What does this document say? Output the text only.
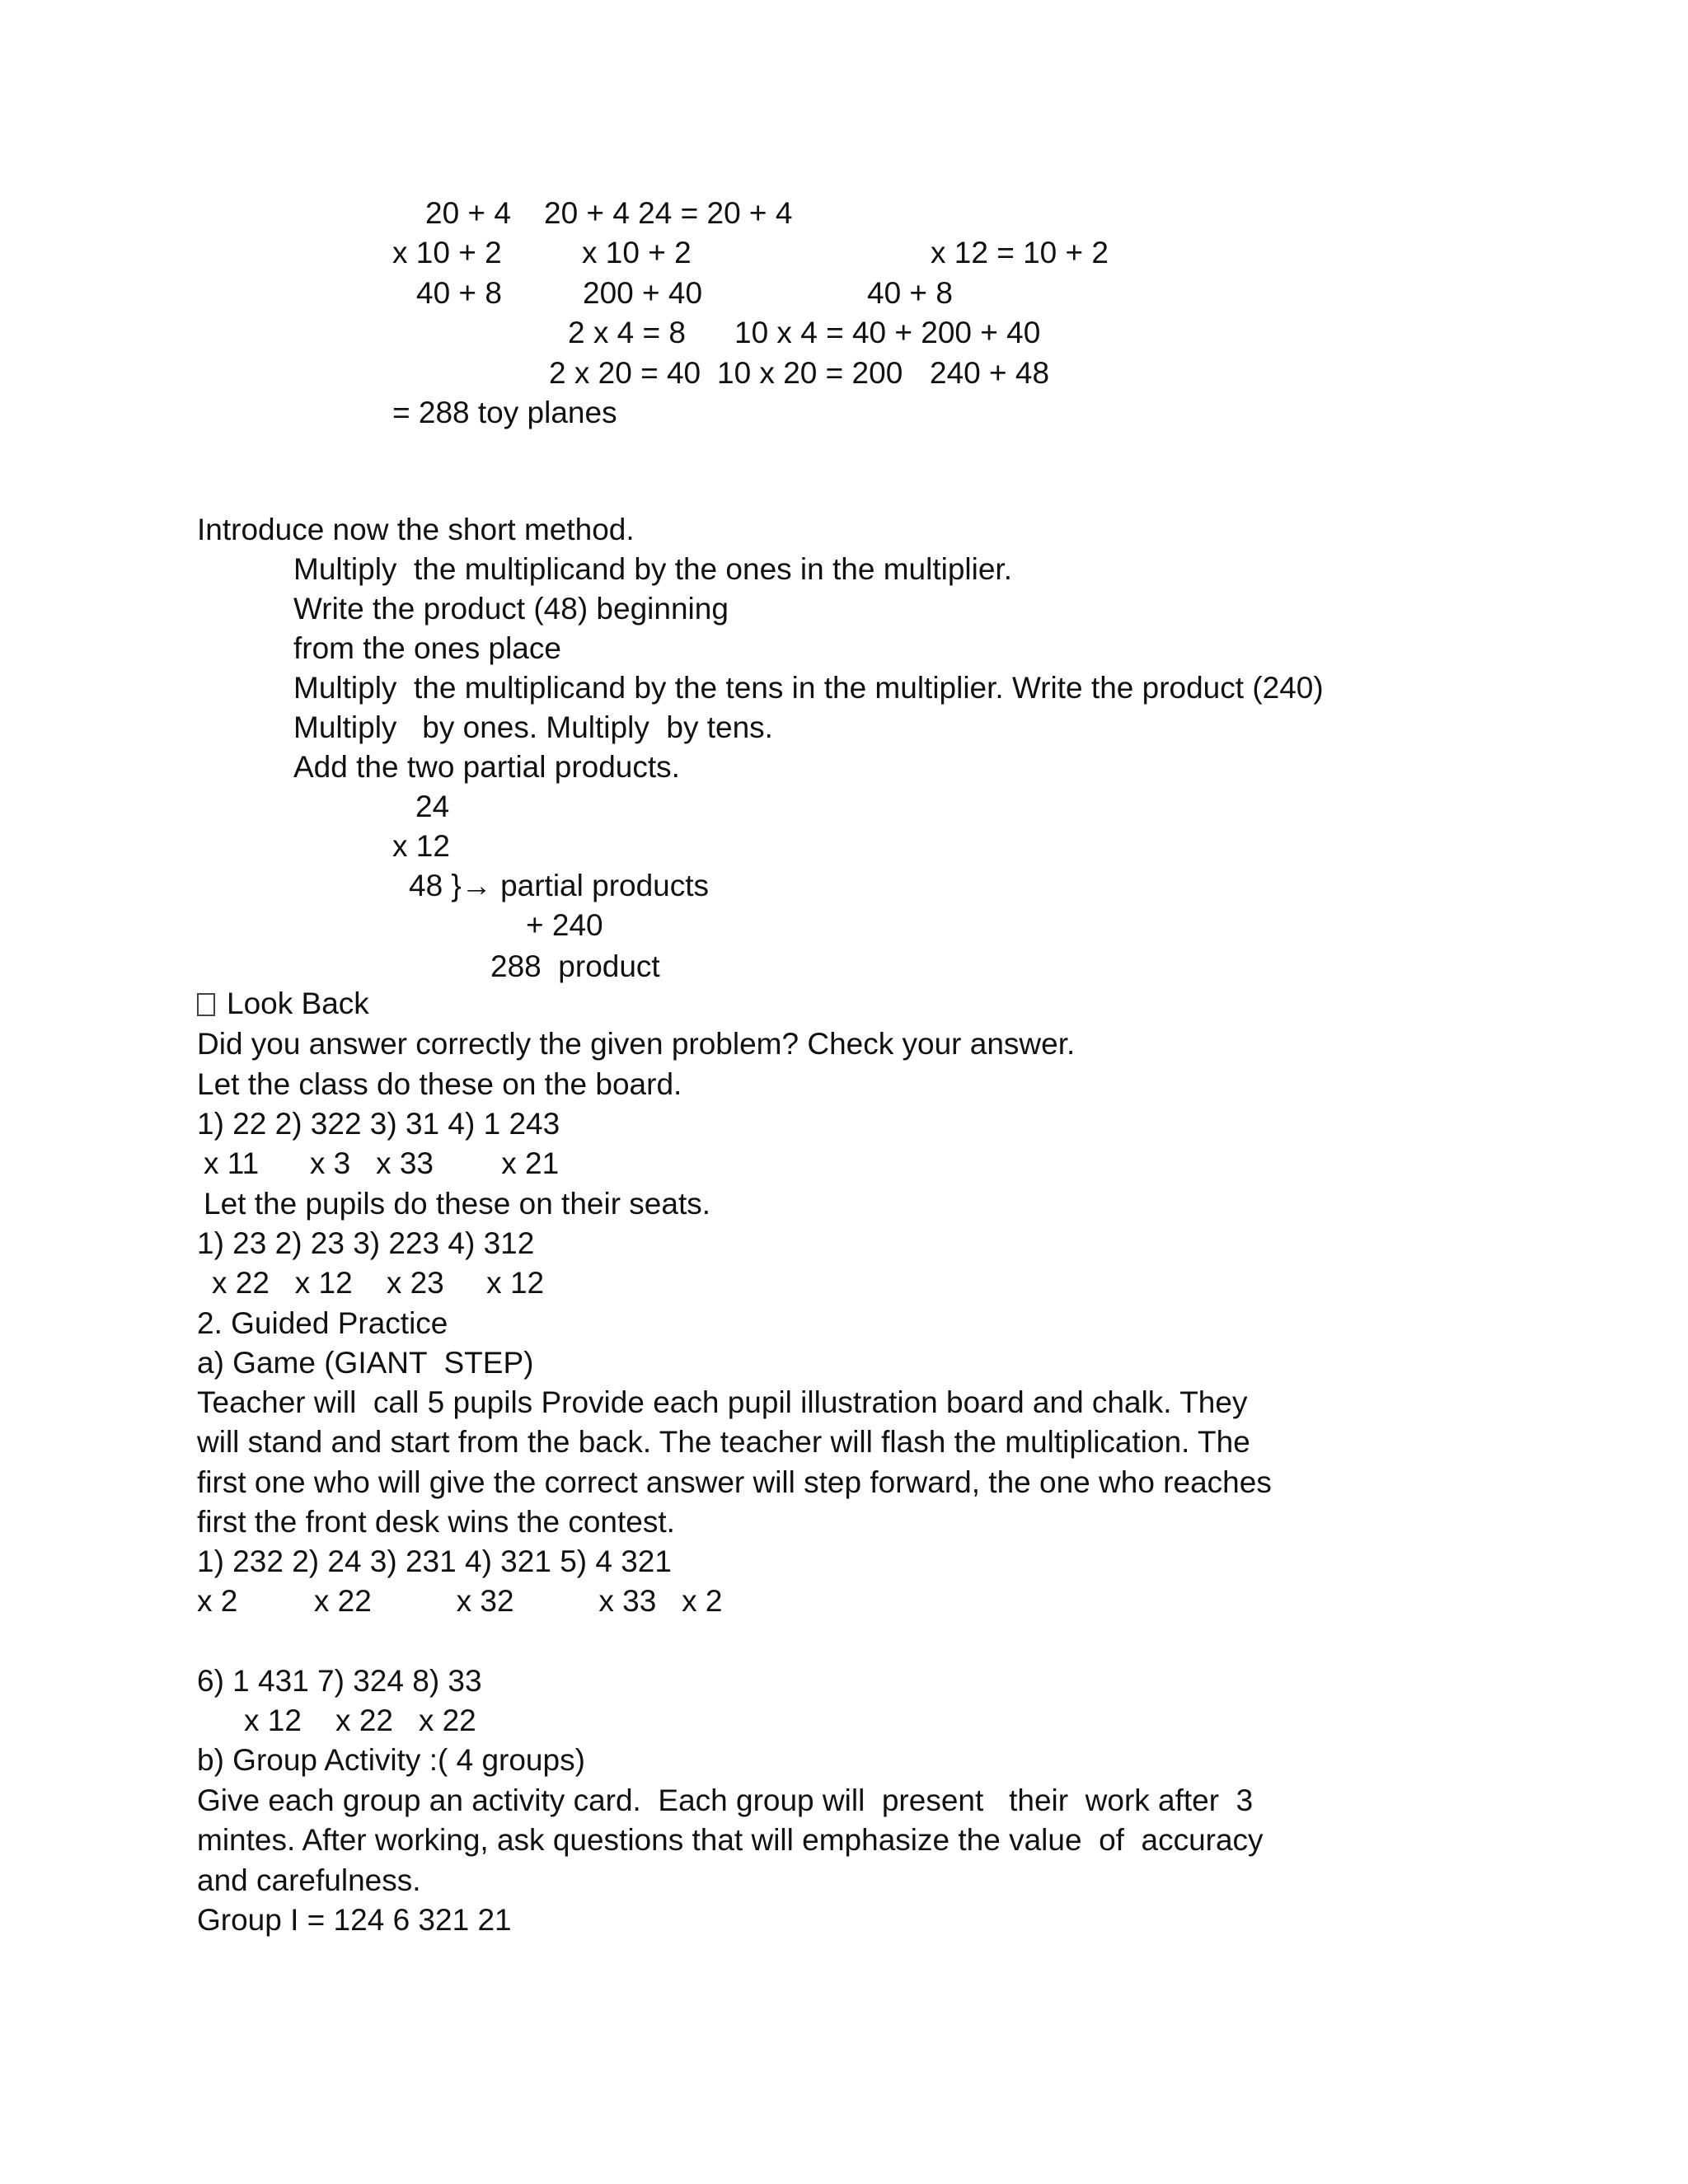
20 + 4 20 + 4 24 = 20 + 4
x 10 + 2	x 10 + 2	x 12 = 10 + 2
40 + 8	200 + 40	40 + 8
2 x 4 = 8 10 x 4 = 40 + 200 + 40
2 x 20 = 40 10 x 20 = 200 240 + 48
= 288 toy planes
Introduce now the short method.
Multiply  the multiplicand by the ones in the multiplier.
Write the product (48) beginning
from the ones place
Multiply  the multiplicand by the tens in the multiplier. Write the product (240)
Multiply   by ones. Multiply  by tens.
Add the two partial products.
24
x 12
48 }→ partial products
+ 240
288  product
Look Back
Did you answer correctly the given problem? Check your answer.
Let the class do these on the board.
1) 22 2) 322 3) 31 4) 1 243
x 11      x 3   x 33        x 21
Let the pupils do these on their seats.
1) 23 2) 23 3) 223 4) 312
x 22   x 12    x 23     x 12
2. Guided Practice
a) Game (GIANT  STEP)
Teacher will  call 5 pupils Provide each pupil illustration board and chalk. They
will stand and start from the back. The teacher will flash the multiplication. The
first one who will give the correct answer will step forward, the one who reaches
first the front desk wins the contest.
1) 232 2) 24 3) 231 4) 321 5) 4 321
x 2         x 22          x 32          x 33   x 2
6) 1 431 7) 324 8) 33
x 12    x 22   x 22
b) Group Activity :( 4 groups)
Give each group an activity card.  Each group will  present   their  work after  3
mintes. After working, ask questions that will emphasize the value  of  accuracy
and carefulness.
Group I = 124 6 321 21
